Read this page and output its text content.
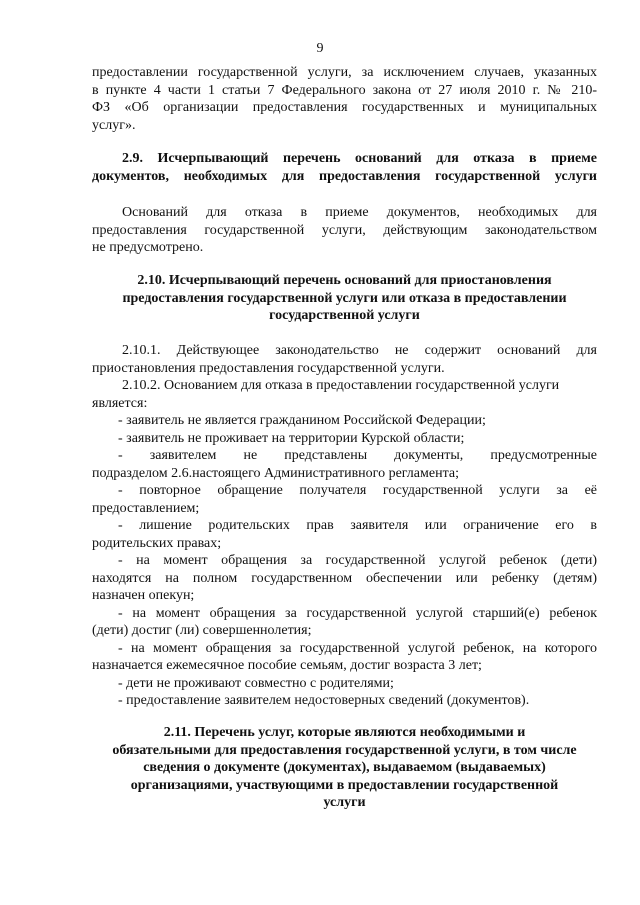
9
предоставлении государственной услуги, за исключением случаев, указанных
в пункте 4 части 1 статьи 7 Федерального закона от 27 июля 2010 г. № 210-
ФЗ «Об организации предоставления государственных и муниципальных
услуг».
2.9. Исчерпывающий перечень оснований для отказа в приеме
документов, необходимых для предоставления государственной услуги
Оснований для отказа в приеме документов, необходимых для
предоставления государственной услуги, действующим законодательством
не предусмотрено.
2.10. Исчерпывающий перечень оснований для приостановления
предоставления государственной услуги или отказа в предоставлении
государственной услуги
2.10.1. Действующее законодательство не содержит оснований для
приостановления предоставления государственной услуги.
2.10.2. Основанием для отказа в предоставлении государственной услуги
является:
- заявитель не является гражданином Российской Федерации;
- заявитель не проживает на территории Курской области;
- заявителем не представлены документы, предусмотренные
подразделом 2.6.настоящего Административного регламента;
- повторное обращение получателя государственной услуги за её
предоставлением;
- лишение родительских прав заявителя или ограничение его в
родительских правах;
- на момент обращения за государственной услугой ребенок (дети)
находятся на полном государственном обеспечении или ребенку (детям)
назначен опекун;
- на момент обращения за государственной услугой старший(е) ребенок
(дети) достиг (ли) совершеннолетия;
- на момент обращения за государственной услугой ребенок, на которого
назначается ежемесячное пособие семьям, достиг возраста 3 лет;
- дети не проживают совместно с родителями;
- предоставление заявителем недостоверных сведений (документов).
2.11. Перечень услуг, которые являются необходимыми и
обязательными для предоставления государственной услуги, в том числе
сведения о документе (документах), выдаваемом (выдаваемых)
организациями, участвующими в предоставлении государственной
услуги
